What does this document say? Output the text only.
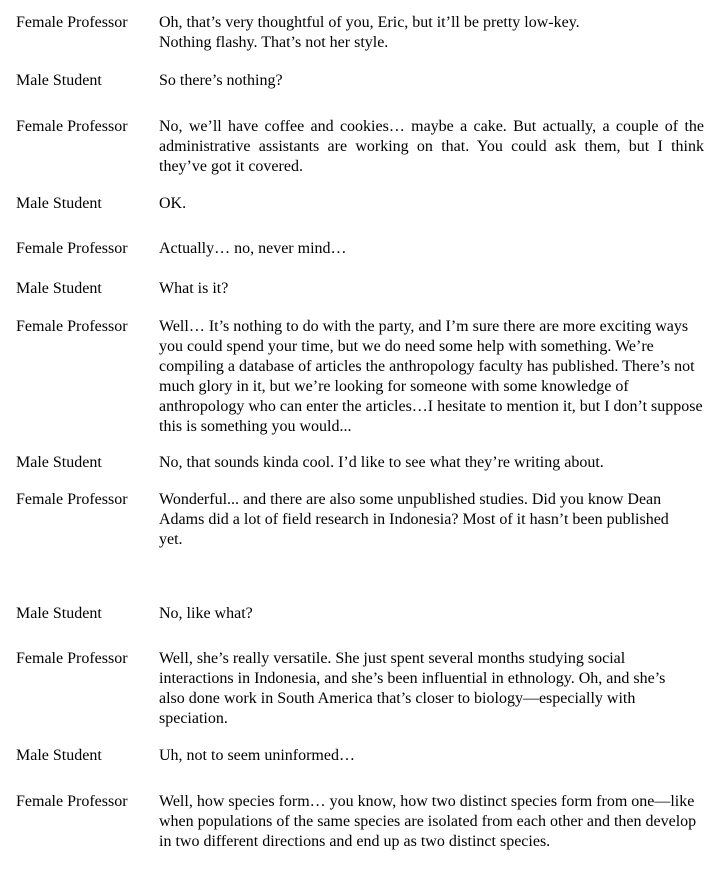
Female Professor	Oh, that’s very thoughtful of you, Eric, but it’ll be pretty low-key. Nothing flashy. That’s not her style.
Male Student	So there’s nothing?
Female Professor	No, we’ll have coffee and cookies… maybe a cake. But actually, a couple of the administrative assistants are working on that. You could ask them, but I think they’ve got it covered.
Male Student	OK.
Female Professor	Actually… no, never mind…
Male Student	What is it?
Female Professor	Well… It’s nothing to do with the party, and I’m sure there are more exciting ways you could spend your time, but we do need some help with something. We’re compiling a database of articles the anthropology faculty has published. There’s not much glory in it, but we’re looking for someone with some knowledge of anthropology who can enter the articles…I hesitate to mention it, but I don’t suppose this is something you would...
Male Student	No, that sounds kinda cool. I’d like to see what they’re writing about.
Female Professor	Wonderful... and there are also some unpublished studies. Did you know Dean Adams did a lot of field research in Indonesia? Most of it hasn’t been published yet.
Male Student	No, like what?
Female Professor	Well, she’s really versatile. She just spent several months studying social interactions in Indonesia, and she’s been influential in ethnology. Oh, and she’s also done work in South America that’s closer to biology—especially with speciation.
Male Student	Uh, not to seem uninformed…
Female Professor	Well, how species form… you know, how two distinct species form from one—like when populations of the same species are isolated from each other and then develop in two different directions and end up as two distinct species.
